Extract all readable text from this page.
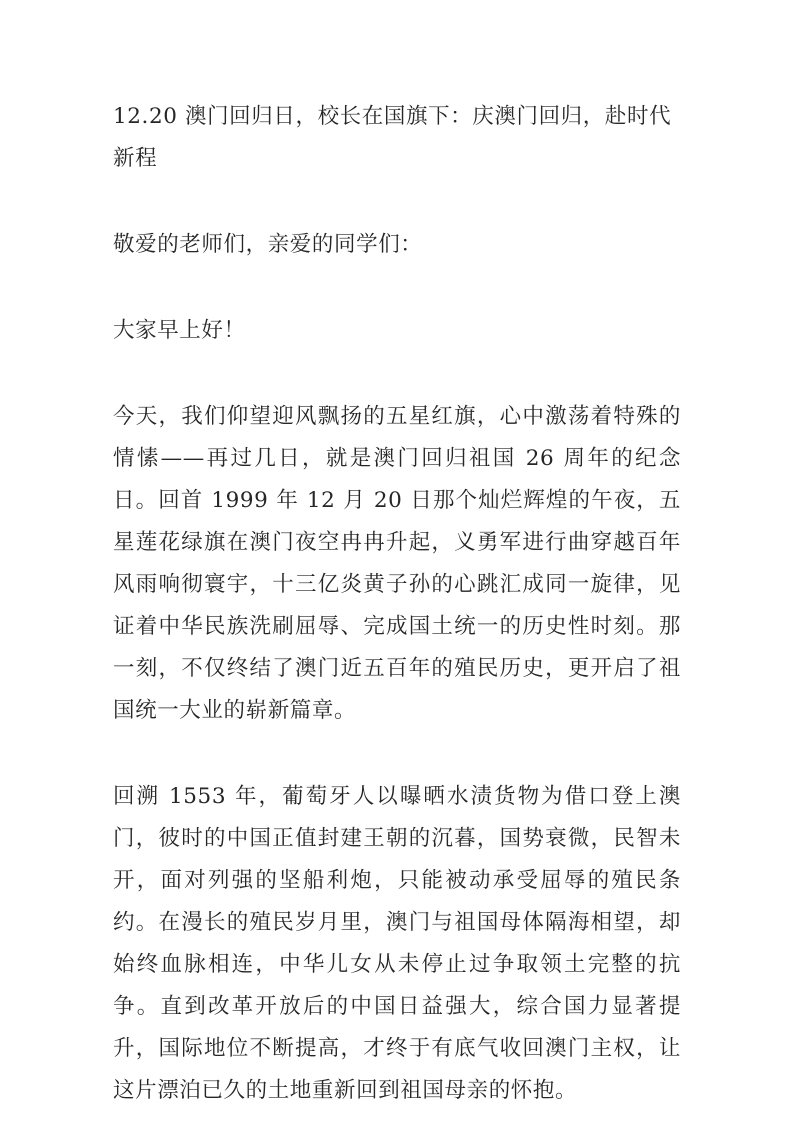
12.20 澳门回归日，校长在国旗下：庆澳门回归，赴时代新程

敬爱的老师们，亲爱的同学们：

大家早上好！

今天，我们仰望迎风飘扬的五星红旗，心中激荡着特殊的情愫——再过几日，就是澳门回归祖国 26 周年的纪念日。回首 1999 年 12 月 20 日那个灿烂辉煌的午夜，五星莲花绿旗在澳门夜空冉冉升起，义勇军进行曲穿越百年风雨响彻寰宇，十三亿炎黄子孙的心跳汇成同一旋律，见证着中华民族洗刷屈辱、完成国土统一的历史性时刻。那一刻，不仅终结了澳门近五百年的殖民历史，更开启了祖国统一大业的崭新篇章。

回溯 1553 年，葡萄牙人以曝晒水渍货物为借口登上澳门，彼时的中国正值封建王朝的沉暮，国势衰微，民智未开，面对列强的坚船利炮，只能被动承受屈辱的殖民条约。在漫长的殖民岁月里，澳门与祖国母体隔海相望，却始终血脉相连，中华儿女从未停止过争取领土完整的抗争。直到改革开放后的中国日益强大，综合国力显著提升，国际地位不断提高，才终于有底气收回澳门主权，让这片漂泊已久的土地重新回到祖国母亲的怀抱。
